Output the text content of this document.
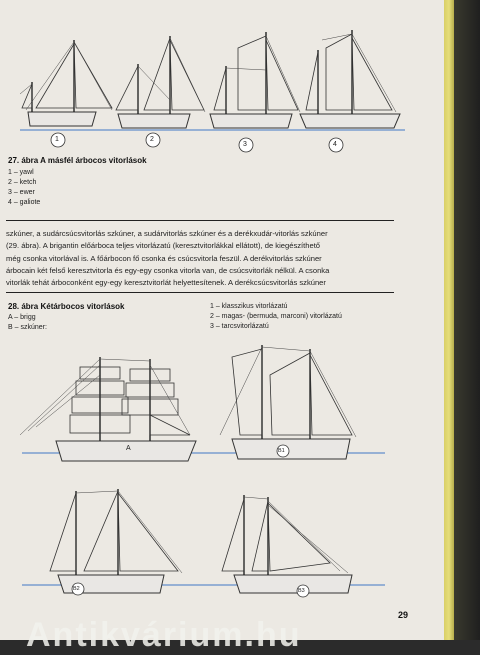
1	2
3	4
27. ábra A másfél árbocos vitorlások
1 – yawl
2 – ketch
3 – ewer
4 – galiote
szkúner, a sudárcsúcsvitorlás szkúner, a sudárvitorlás szkúner és a derékxudár-vitorlás szkúner
(29. ábra). A brigantin előárbоca teljes vitorlázatú (keresztvitorlákkal ellátott), de kiegészíthető
még csonka vitorlával is. A főárbocon fő csonka és csúcsvitorla feszül. A derékvitorlás szkúner
árbocain két felső keresztvitorla és egy-egy csonka vitorla van, de csúcsvitorlák nélkül. A csonka
vitorlák tehát árboconként egy-egy keresztvitorlát helyettesítenek. A derékcsúcsvitorlás szkúner
28. ábra Kétárbocos vitorlások
A – brigg
B – szkúner:
1 – klasszikus vitorlázatú
2 – magas- (bermuda, marconi) vitorlázatú
3 – tarcsvitorlázatú
A	B1
B2	B3
29
Antikvárium.hu
